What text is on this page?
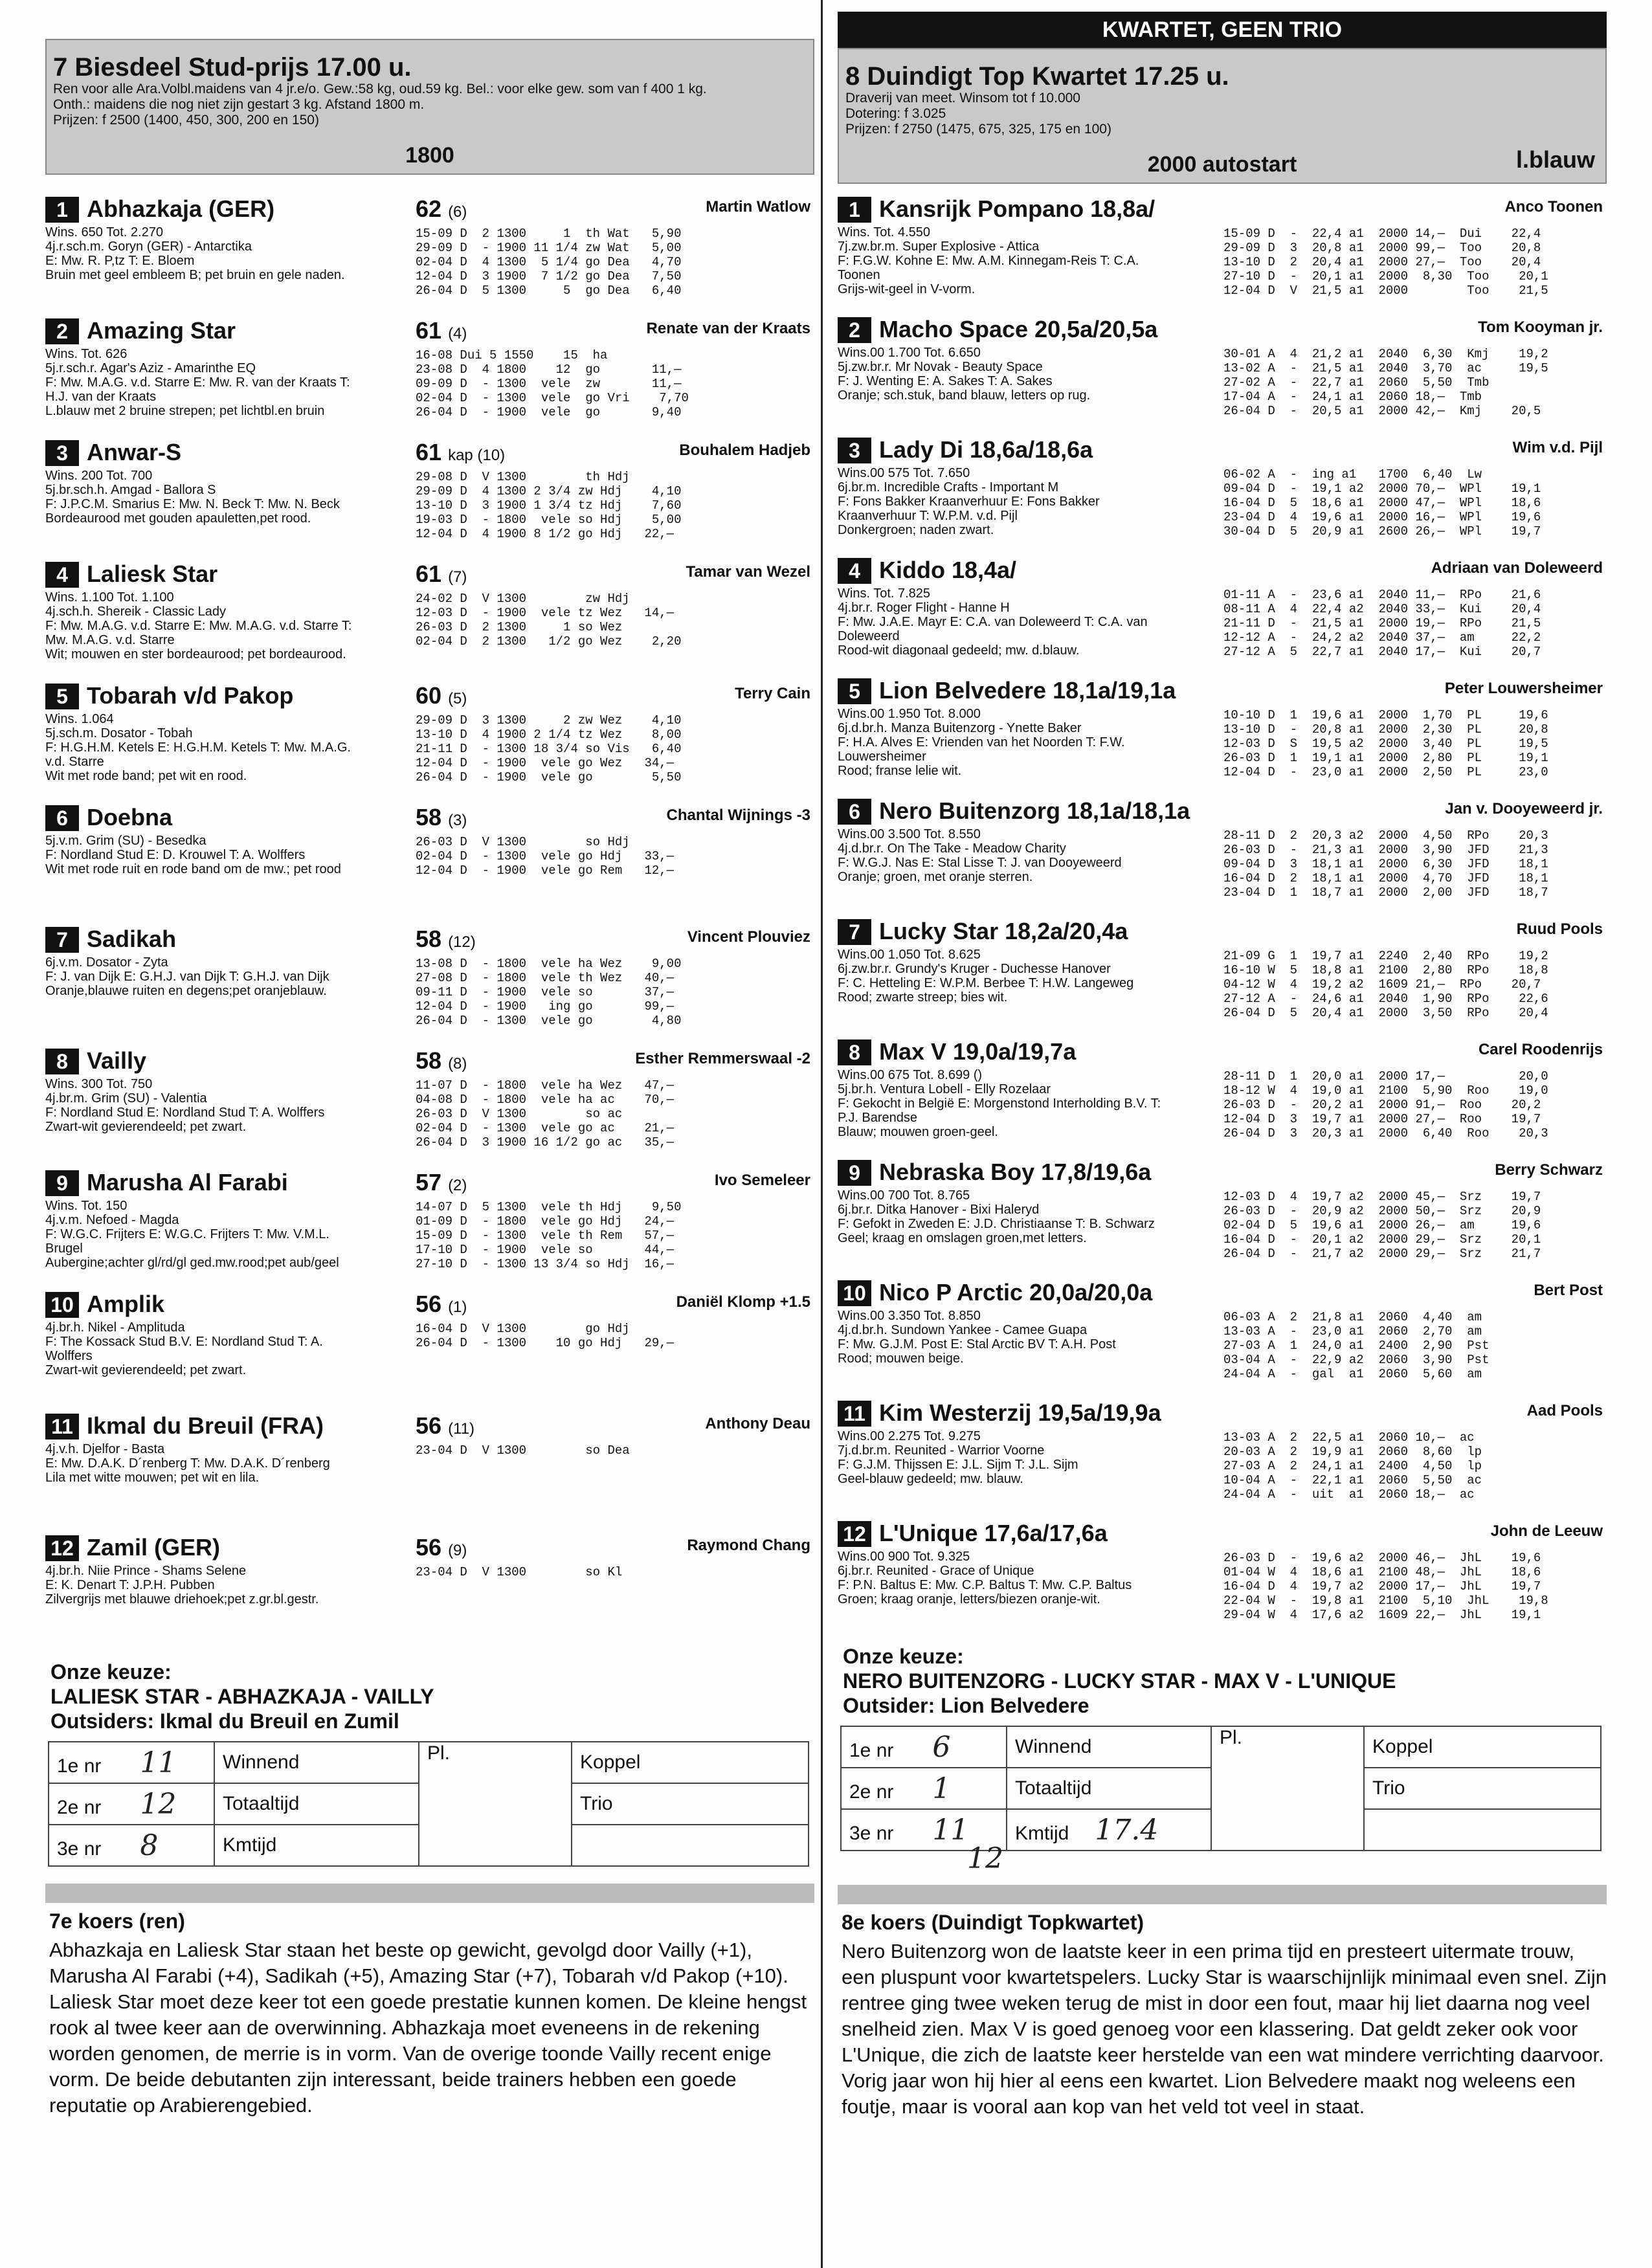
7 Biesdeel Stud-prijs 17.00 u.
Ren voor alle Ara.Volbl.maidens van 4 jr.e/o. Gew.:58 kg, oud.59 kg. Bel.: voor elke gew. som van f 400 1 kg.
Onth.: maidens die nog niet zijn gestart 3 kg. Afstand 1800 m.
Prijzen: f 2500 (1400, 450, 300, 200 en 150)
1800
1 Abhazkaja (GER)	62 (6)	Martin Watlow
Wins. 650 Tot. 2.270
4j.r.sch.m. Goryn (GER) - Antarctika
E: Mw. R. P,tz T: E. Bloem
Bruin met geel embleem B; pet bruin en gele naden.
15-09 D  2 1300     1  th Wat   5,90
29-09 D  - 1900 11 1/4 zw Wat   5,00
02-04 D  4 1300  5 1/4 go Dea   4,70
12-04 D  3 1900  7 1/2 go Dea   7,50
26-04 D  5 1300     5  go Dea   6,40
2 Amazing Star	61 (4)	Renate van der Kraats
Wins. Tot. 626
5j.r.sch.r. Agar's Aziz - Amarinthe EQ
F: Mw. M.A.G. v.d. Starre E: Mw. R. van der Kraats T:
H.J. van der Kraats
L.blauw met 2 bruine strepen; pet lichtbl.en bruin
16-08 Dui 5 1550    15  ha
23-08 D  4 1800    12  go       11,—
09-09 D  - 1300  vele  zw       11,—
02-04 D  - 1300  vele  go Vri    7,70
26-04 D  - 1900  vele  go       9,40
3 Anwar-S	61 kap (10)	Bouhalem Hadjeb
Wins. 200 Tot. 700
5j.br.sch.h. Amgad - Ballora S
F: J.P.C.M. Smarius E: Mw. N. Beck T: Mw. N. Beck
Bordeaurood met gouden apauletten,pet rood.
29-08 D  V 1300        th Hdj
29-09 D  4 1300 2 3/4 zw Hdj    4,10
13-10 D  3 1900 1 3/4 tz Hdj    7,60
19-03 D  - 1800  vele so Hdj    5,00
12-04 D  4 1900 8 1/2 go Hdj   22,—
4 Laliesk Star	61 (7)	Tamar van Wezel
Wins. 1.100 Tot. 1.100
4j.sch.h. Shereik - Classic Lady
F: Mw. M.A.G. v.d. Starre E: Mw. M.A.G. v.d. Starre T:
Mw. M.A.G. v.d. Starre
Wit; mouwen en ster bordeaurood; pet bordeaurood.
24-02 D  V 1300        zw Hdj
12-03 D  - 1900  vele tz Wez   14,—
26-03 D  2 1300     1 so Wez
02-04 D  2 1300   1/2 go Wez    2,20
5 Tobarah v/d Pakop	60 (5)	Terry Cain
Wins. 1.064
5j.sch.m. Dosator - Tobah
F: H.G.H.M. Ketels E: H.G.H.M. Ketels T: Mw. M.A.G.
v.d. Starre
Wit met rode band; pet wit en rood.
29-09 D  3 1300     2 zw Wez    4,10
13-10 D  4 1900 2 1/4 tz Wez    8,00
21-11 D  - 1300 18 3/4 so Vis   6,40
12-04 D  - 1900  vele go Wez   34,—
26-04 D  - 1900  vele go        5,50
6 Doebna	58 (3)	Chantal Wijnings -3
5j.v.m. Grim (SU) - Besedka
F: Nordland Stud E: D. Krouwel T: A. Wolffers
Wit met rode ruit en rode band om de mw.; pet rood
26-03 D  V 1300        so Hdj
02-04 D  - 1300  vele go Hdj   33,—
12-04 D  - 1900  vele go Rem   12,—
7 Sadikah	58 (12)	Vincent Plouviez
6j.v.m. Dosator - Zyta
F: J. van Dijk E: G.H.J. van Dijk T: G.H.J. van Dijk
Oranje,blauwe ruiten en degens;pet oranjeblauw.
13-08 D  - 1800  vele ha Wez    9,00
27-08 D  - 1800  vele th Wez   40,—
09-11 D  - 1900  vele so       37,—
12-04 D  - 1900   ing go       99,—
26-04 D  - 1300  vele go        4,80
8 Vailly	58 (8)	Esther Remmerswaal -2
Wins. 300 Tot. 750
4j.br.m. Grim (SU) - Valentia
F: Nordland Stud E: Nordland Stud T: A. Wolffers
Zwart-wit gevierendeeld; pet zwart.
11-07 D  - 1800  vele ha Wez   47,—
04-08 D  - 1800  vele ha ac    70,—
26-03 D  V 1300        so ac
02-04 D  - 1300  vele go ac    21,—
26-04 D  3 1900 16 1/2 go ac   35,—
9 Marusha Al Farabi	57 (2)	Ivo Semeleer
Wins. Tot. 150
4j.v.m. Nefoed - Magda
F: W.G.C. Frijters E: W.G.C. Frijters T: Mw. V.M.L.
Brugel
Aubergine;achter gl/rd/gl ged.mw.rood;pet aub/geel
14-07 D  5 1300  vele th Hdj    9,50
01-09 D  - 1800  vele go Hdj   24,—
15-09 D  - 1300  vele th Rem   57,—
17-10 D  - 1900  vele so       44,—
27-10 D  - 1300 13 3/4 so Hdj  16,—
10 Amplik	56 (1)	Daniël Klomp +1.5
4j.br.h. Nikel - Amplituda
F: The Kossack Stud B.V. E: Nordland Stud T: A.
Wolffers
Zwart-wit gevierendeeld; pet zwart.
16-04 D  V 1300        go Hdj
26-04 D  - 1300    10 go Hdj   29,—
11 Ikmal du Breuil (FRA)	56 (11)	Anthony Deau
4j.v.h. Djelfor - Basta
E: Mw. D.A.K. D´renberg T: Mw. D.A.K. D´renberg
Lila met witte mouwen; pet wit en lila.
23-04 D  V 1300        so Dea
12 Zamil (GER)	56 (9)	Raymond Chang
4j.br.h. Niie Prince - Shams Selene
E: K. Denart T: J.P.H. Pubben
Zilvergrijs met blauwe driehoek;pet z.gr.bl.gestr.
23-04 D  V 1300        so Kl
Onze keuze:
LALIESK STAR - ABHAZKAJA - VAILLY
Outsiders: Ikmal du Breuil en Zumil
1e nr 11	Winnend	Pl.	Koppel
2e nr 12	Totaaltijd		Trio
3e nr 8	Kmtijd		
7e koers (ren)

Abhazkaja en Laliesk Star staan het beste op gewicht, gevolgd door Vailly (+1), Marusha Al Farabi (+4), Sadikah (+5), Amazing Star (+7), Tobarah v/d Pakop (+10). Laliesk Star moet deze keer tot een goede prestatie kunnen komen. De kleine hengst rook al twee keer aan de overwinning. Abhazkaja moet eveneens in de rekening worden genomen, de merrie is in vorm. Van de overige toonde Vailly recent enige vorm. De beide debutanten zijn interessant, beide trainers hebben een goede reputatie op Arabierengebied.

KWARTET, GEEN TRIO
8 Duindigt Top Kwartet 17.25 u.
Draverij van meet. Winsom tot f 10.000
Dotering: f 3.025
Prijzen: f 2750 (1475, 675, 325, 175 en 100)
2000 autostart	l.blauw
1 Kansrijk Pompano 18,8a/	Anco Toonen
Wins. Tot. 4.550
7j.zw.br.m. Super Explosive - Attica
F: F.G.W. Kohne E: Mw. A.M. Kinnegam-Reis T: C.A.
Toonen
Grijs-wit-geel in V-vorm.
15-09 D  -  22,4 a1  2000 14,—  Dui    22,4
29-09 D  3  20,8 a1  2000 99,—  Too    20,8
13-10 D  2  20,4 a1  2000 27,—  Too    20,4
27-10 D  -  20,1 a1  2000  8,30  Too    20,1
12-04 D  V  21,5 a1  2000        Too    21,5
2 Macho Space 20,5a/20,5a	Tom Kooyman jr.
Wins.00 1.700 Tot. 6.650
5j.zw.br.r. Mr Novak - Beauty Space
F: J. Wenting E: A. Sakes T: A. Sakes
Oranje; sch.stuk, band blauw, letters op rug.
30-01 A  4  21,2 a1  2040  6,30  Kmj    19,2
13-02 A  -  21,5 a1  2040  3,70  ac     19,5
27-02 A  -  22,7 a1  2060  5,50  Tmb
17-04 A  -  24,1 a1  2060 18,—  Tmb
26-04 D  -  20,5 a1  2000 42,—  Kmj    20,5
3 Lady Di 18,6a/18,6a	Wim v.d. Pijl
Wins.00 575 Tot. 7.650
6j.br.m. Incredible Crafts - Important M
F: Fons Bakker Kraanverhuur E: Fons Bakker
Kraanverhuur T: W.P.M. v.d. Pijl
Donkergroen; naden zwart.
06-02 A  -  ing a1   1700  6,40  Lw
09-04 D  -  19,1 a2  2000 70,—  WPl    19,1
16-04 D  5  18,6 a1  2000 47,—  WPl    18,6
23-04 D  4  19,6 a1  2000 16,—  WPl    19,6
30-04 D  5  20,9 a1  2600 26,—  WPl    19,7
4 Kiddo 18,4a/	Adriaan van Doleweerd
Wins. Tot. 7.825
4j.br.r. Roger Flight - Hanne H
F: Mw. J.A.E. Mayr E: C.A. van Doleweerd T: C.A. van
Doleweerd
Rood-wit diagonaal gedeeld; mw. d.blauw.
01-11 A  -  23,6 a1  2040 11,—  RPo    21,6
08-11 A  4  22,4 a2  2040 33,—  Kui    20,4
21-11 D  -  21,5 a1  2000 19,—  RPo    21,5
12-12 A  -  24,2 a2  2040 37,—  am     22,2
27-12 A  5  22,7 a1  2040 17,—  Kui    20,7
5 Lion Belvedere 18,1a/19,1a	Peter Louwersheimer
Wins.00 1.950 Tot. 8.000
6j.d.br.h. Manza Buitenzorg - Ynette Baker
F: H.A. Alves E: Vrienden van het Noorden T: F.W.
Louwersheimer
Rood; franse lelie wit.
10-10 D  1  19,6 a1  2000  1,70  PL     19,6
13-10 D  -  20,8 a1  2000  2,30  PL     20,8
12-03 D  S  19,5 a2  2000  3,40  PL     19,5
26-03 D  1  19,1 a1  2000  2,80  PL     19,1
12-04 D  -  23,0 a1  2000  2,50  PL     23,0
6 Nero Buitenzorg 18,1a/18,1a	Jan v. Dooyeweerd jr.
Wins.00 3.500 Tot. 8.550
4j.d.br.r. On The Take - Meadow Charity
F: W.G.J. Nas E: Stal Lisse T: J. van Dooyeweerd
Oranje; groen, met oranje sterren.
28-11 D  2  20,3 a2  2000  4,50  RPo    20,3
26-03 D  -  21,3 a1  2000  3,90  JFD    21,3
09-04 D  3  18,1 a1  2000  6,30  JFD    18,1
16-04 D  2  18,1 a1  2000  4,70  JFD    18,1
23-04 D  1  18,7 a1  2000  2,00  JFD    18,7
7 Lucky Star 18,2a/20,4a	Ruud Pools
Wins.00 1.050 Tot. 8.625
6j.zw.br.r. Grundy's Kruger - Duchesse Hanover
F: C. Hetteling E: W.P.M. Berbee T: H.W. Langeweg
Rood; zwarte streep; bies wit.
21-09 G  1  19,7 a1  2240  2,40  RPo    19,2
16-10 W  5  18,8 a1  2100  2,80  RPo    18,8
04-12 W  4  19,2 a2  1609 21,—  RPo    20,7
27-12 A  -  24,6 a1  2040  1,90  RPo    22,6
26-04 D  5  20,4 a1  2000  3,50  RPo    20,4
8 Max V 19,0a/19,7a	Carel Roodenrijs
Wins.00 675 Tot. 8.699 ()
5j.br.h. Ventura Lobell - Elly Rozelaar
F: Gekocht in België E: Morgenstond Interholding B.V. T:
P.J. Barendse
Blauw; mouwen groen-geel.
28-11 D  1  20,0 a1  2000 17,—          20,0
18-12 W  4  19,0 a1  2100  5,90  Roo    19,0
26-03 D  -  20,2 a1  2000 91,—  Roo    20,2
12-04 D  3  19,7 a1  2000 27,—  Roo    19,7
26-04 D  3  20,3 a1  2000  6,40  Roo    20,3
9 Nebraska Boy 17,8/19,6a	Berry Schwarz
Wins.00 700 Tot. 8.765
6j.br.r. Ditka Hanover - Bixi Haleryd
F: Gefokt in Zweden E: J.D. Christiaanse T: B. Schwarz
Geel; kraag en omslagen groen,met letters.
12-03 D  4  19,7 a2  2000 45,—  Srz    19,7
26-03 D  -  20,9 a2  2000 50,—  Srz    20,9
02-04 D  5  19,6 a1  2000 26,—  am     19,6
16-04 D  -  20,1 a2  2000 29,—  Srz    20,1
26-04 D  -  21,7 a2  2000 29,—  Srz    21,7
10 Nico P Arctic 20,0a/20,0a	Bert Post
Wins.00 3.350 Tot. 8.850
4j.d.br.h. Sundown Yankee - Camee Guapa
F: Mw. G.J.M. Post E: Stal Arctic BV T: A.H. Post
Rood; mouwen beige.
06-03 A  2  21,8 a1  2060  4,40  am
13-03 A  -  23,0 a1  2060  2,70  am
27-03 A  1  24,0 a1  2400  2,90  Pst
03-04 A  -  22,9 a2  2060  3,90  Pst
24-04 A  -  gal  a1  2060  5,60  am
11 Kim Westerzij 19,5a/19,9a	Aad Pools
Wins.00 2.275 Tot. 9.275
7j.d.br.m. Reunited - Warrior Voorne
F: G.J.M. Thijssen E: J.L. Sijm T: J.L. Sijm
Geel-blauw gedeeld; mw. blauw.
13-03 A  2  22,5 a1  2060 10,—  ac
20-03 A  2  19,9 a1  2060  8,60  lp
27-03 A  2  24,1 a1  2400  4,50  lp
10-04 A  -  22,1 a1  2060  5,50  ac
24-04 A  -  uit  a1  2060 18,—  ac
12 L'Unique 17,6a/17,6a	John de Leeuw
Wins.00 900 Tot. 9.325
6j.br.r. Reunited - Grace of Unique
F: P.N. Baltus E: Mw. C.P. Baltus T: Mw. C.P. Baltus
Groen; kraag oranje, letters/biezen oranje-wit.
26-03 D  -  19,6 a2  2000 46,—  JhL    19,6
01-04 W  4  18,6 a1  2100 48,—  JhL    18,6
16-04 D  4  19,7 a2  2000 17,—  JhL    19,7
22-04 W  -  19,8 a1  2100  5,10  JhL    19,8
29-04 W  4  17,6 a2  1609 22,—  JhL    19,1
Onze keuze:
NERO BUITENZORG - LUCKY STAR - MAX V - L'UNIQUE
Outsider: Lion Belvedere
1e nr 6	Winnend	Pl.	Koppel
2e nr 1	Totaaltijd		Trio
3e nr 11	Kmtijd 17.4		
12
8e koers (Duindigt Topkwartet)

Nero Buitenzorg won de laatste keer in een prima tijd en presteert uitermate trouw, een pluspunt voor kwartetspelers. Lucky Star is waarschijnlijk minimaal even snel. Zijn rentree ging twee weken terug de mist in door een fout, maar hij liet daarna nog veel snelheid zien. Max V is goed genoeg voor een klassering. Dat geldt zeker ook voor L'Unique, die zich de laatste keer herstelde van een wat mindere verrichting daarvoor. Vorig jaar won hij hier al eens een kwartet. Lion Belvedere maakt nog weleens een foutje, maar is vooral aan kop van het veld tot veel in staat.
